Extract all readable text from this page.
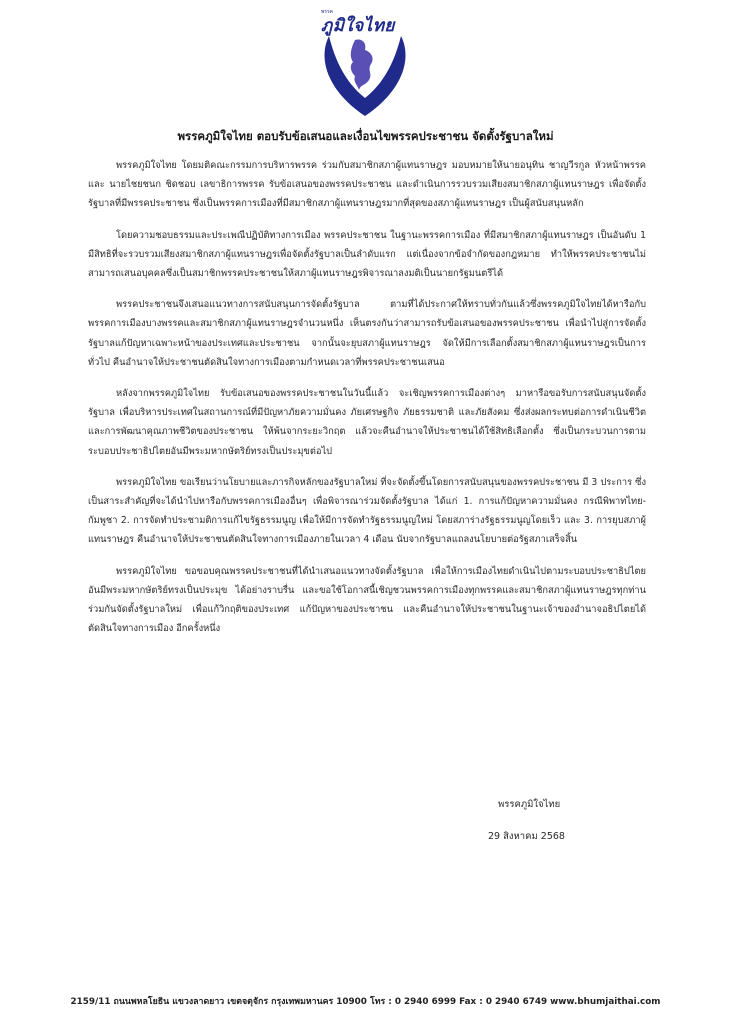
พรรค
ภูมิใจไทย
พรรคภูมิใจไทย ตอบรับข้อเสนอและเงื่อนไขพรรคประชาชน จัดตั้งรัฐบาลใหม่

พรรคภูมิใจไทย โดยมติคณะกรรมการบริหารพรรค ร่วมกับสมาชิกสภาผู้แทนราษฎร มอบหมายให้นายอนุทิน ชาญวีรกูล หัวหน้าพรรค และ นายไชยชนก ชิดชอบ เลขาธิการพรรค รับข้อเสนอของพรรคประชาชน และดำเนินการรวบรวมเสียงสมาชิกสภาผู้แทนราษฎร เพื่อจัดตั้งรัฐบาลที่มีพรรคประชาชน ซึ่งเป็นพรรคการเมืองที่มีสมาชิกสภาผู้แทนราษฎรมากที่สุดของสภาผู้แทนราษฎร เป็นผู้สนับสนุนหลัก

โดยความชอบธรรมและประเพณีปฏิบัติทางการเมือง พรรคประชาชน ในฐานะพรรคการเมือง ที่มีสมาชิกสภาผู้แทนราษฎร เป็นอันดับ 1 มีสิทธิที่จะรวบรวมเสียงสมาชิกสภาผู้แทนราษฎรเพื่อจัดตั้งรัฐบาลเป็นลำดับแรก แต่เนื่องจากข้อจำกัดของกฎหมาย ทำให้พรรคประชาชนไม่สามารถเสนอบุคคลซึ่งเป็นสมาชิกพรรคประชาชนให้สภาผู้แทนราษฎรพิจารณาลงมติเป็นนายกรัฐมนตรีได้

พรรคประชาชนจึงเสนอแนวทางการสนับสนุนการจัดตั้งรัฐบาล ตามที่ได้ประกาศให้ทราบทั่วกันแล้วซึ่งพรรคภูมิใจไทยได้หารือกับพรรคการเมืองบางพรรคและสมาชิกสภาผู้แทนราษฎรจำนวนหนึ่ง เห็นตรงกันว่าสามารถรับข้อเสนอของพรรคประชาชน เพื่อนำไปสู่การจัดตั้งรัฐบาลแก้ปัญหาเฉพาะหน้าของประเทศและประชาชน จากนั้นจะยุบสภาผู้แทนราษฎร จัดให้มีการเลือกตั้งสมาชิกสภาผู้แทนราษฎรเป็นการทั่วไป คืนอำนาจให้ประชาชนตัดสินใจทางการเมืองตามกำหนดเวลาที่พรรคประชาชนเสนอ

หลังจากพรรคภูมิใจไทย รับข้อเสนอของพรรคประชาชนในวันนี้แล้ว จะเชิญพรรคการเมืองต่างๆ มาหารือขอรับการสนับสนุนจัดตั้งรัฐบาล เพื่อบริหารประเทศในสถานการณ์ที่มีปัญหาภัยความมั่นคง ภัยเศรษฐกิจ ภัยธรรมชาติ และภัยสังคม ซึ่งส่งผลกระทบต่อการดำเนินชีวิตและการพัฒนาคุณภาพชีวิตของประชาชน ให้พ้นจากระยะวิกฤต แล้วจะคืนอำนาจให้ประชาชนได้ใช้สิทธิเลือกตั้ง ซึ่งเป็นกระบวนการตามระบอบประชาธิปไตยอันมีพระมหากษัตริย์ทรงเป็นประมุขต่อไป

พรรคภูมิใจไทย ขอเรียนว่านโยบายและภารกิจหลักของรัฐบาลใหม่ ที่จะจัดตั้งขึ้นโดยการสนับสนุนของพรรคประชาชน มี 3 ประการ ซึ่งเป็นสาระสำคัญที่จะได้นำไปหารือกับพรรคการเมืองอื่นๆ เพื่อพิจารณาร่วมจัดตั้งรัฐบาล ได้แก่ 1. การแก้ปัญหาความมั่นคง กรณีพิพาทไทย-กัมพูชา 2. การจัดทำประชามติการแก้ไขรัฐธรรมนูญ เพื่อให้มีการจัดทำรัฐธรรมนูญใหม่ โดยสภาร่างรัฐธรรมนูญโดยเร็ว และ 3. การยุบสภาผู้แทนราษฎร คืนอำนาจให้ประชาชนตัดสินใจทางการเมืองภายในเวลา 4 เดือน นับจากรัฐบาลแถลงนโยบายต่อรัฐสภาเสร็จสิ้น

พรรคภูมิใจไทย ขอขอบคุณพรรคประชาชนที่ได้นำเสนอแนวทางจัดตั้งรัฐบาล เพื่อให้การเมืองไทยดำเนินไปตามระบอบประชาธิปไตยอันมีพระมหากษัตริย์ทรงเป็นประมุข ได้อย่างราบรื่น และขอใช้โอกาสนี้เชิญชวนพรรคการเมืองทุกพรรคและสมาชิกสภาผู้แทนราษฎรทุกท่าน ร่วมกันจัดตั้งรัฐบาลใหม่ เพื่อแก้วิกฤติของประเทศ แก้ปัญหาของประชาชน และคืนอำนาจให้ประชาชนในฐานะเจ้าของอำนาจอธิปไตยได้ตัดสินใจทางการเมือง อีกครั้งหนึ่ง

พรรคภูมิใจไทย
29 สิงหาคม 2568
2159/11 ถนนพหลโยธิน แขวงลาดยาว เขตจตุจักร กรุงเทพมหานคร 10900 โทร : 0 2940 6999 Fax : 0 2940 6749 www.bhumjaithai.com
